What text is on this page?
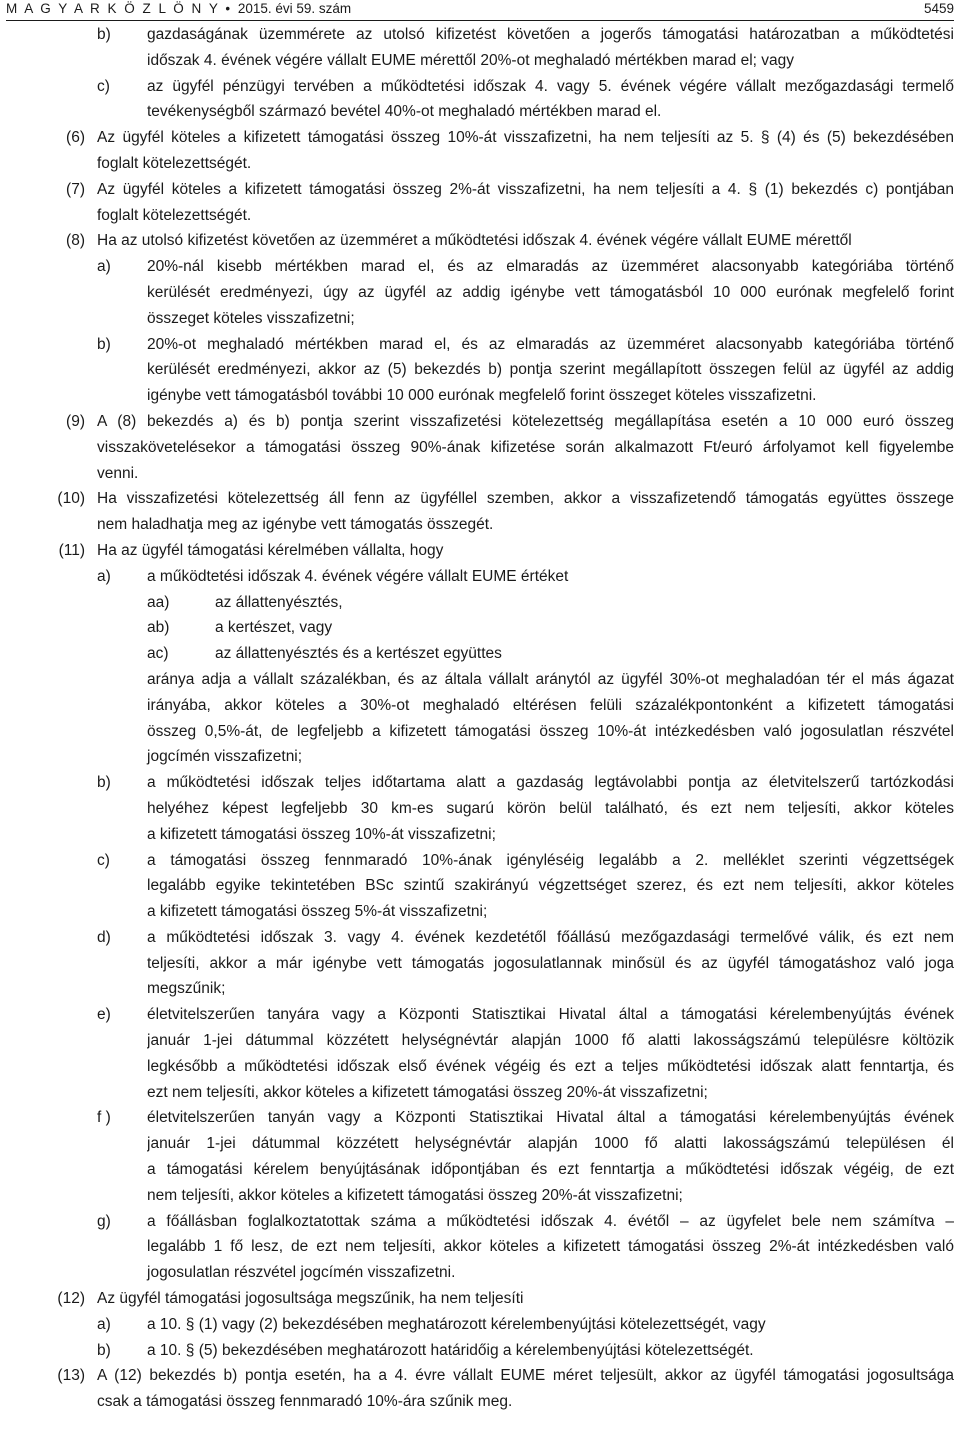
M A G Y A R K Ö Z L Ö N Y • 2015. évi 59. szám	5459
b) gazdaságának üzemmérete az utolsó kifizetést követően a jogerős támogatási határozatban a működtetési
időszak 4. évének végére vállalt EUME mérettől 20%-ot meghaladó mértékben marad el; vagy
c) az ügyfél pénzügyi tervében a működtetési időszak 4. vagy 5. évének végére vállalt mezőgazdasági termelő
tevékenységből származó bevétel 40%-ot meghaladó mértékben marad el.
(6) Az ügyfél köteles a kifizetett támogatási összeg 10%-át visszafizetni, ha nem teljesíti az 5. § (4) és (5) bekezdésében
foglalt kötelezettségét.
(7) Az ügyfél köteles a kifizetett támogatási összeg 2%-át visszafizetni, ha nem teljesíti a 4. § (1) bekezdés c) pontjában
foglalt kötelezettségét.
(8) Ha az utolsó kifizetést követően az üzemméret a működtetési időszak 4. évének végére vállalt EUME mérettől
a) 20%-nál kisebb mértékben marad el, és az elmaradás az üzemméret alacsonyabb kategóriába történő
kerülését eredményezi, úgy az ügyfél az addig igénybe vett támogatásból 10 000 eurónak megfelelő forint
összeget köteles visszafizetni;
b) 20%-ot meghaladó mértékben marad el, és az elmaradás az üzemméret alacsonyabb kategóriába történő
kerülését eredményezi, akkor az (5) bekezdés b) pontja szerint megállapított összegen felül az ügyfél az addig
igénybe vett támogatásból további 10 000 eurónak megfelelő forint összeget köteles visszafizetni.
(9) A (8) bekezdés a) és b) pontja szerint visszafizetési kötelezettség megállapítása esetén a 10 000 euró összeg
visszakövetelésekor a támogatási összeg 90%-ának kifizetése során alkalmazott Ft/euró árfolyamot kell figyelembe
venni.
(10) Ha visszafizetési kötelezettség áll fenn az ügyféllel szemben, akkor a visszafizetendő támogatás együttes összege
nem haladhatja meg az igénybe vett támogatás összegét.
(11) Ha az ügyfél támogatási kérelmében vállalta, hogy
a) a működtetési időszak 4. évének végére vállalt EUME értéket
aa)	az állattenyésztés,
ab)	a kertészet, vagy
ac)	az állattenyésztés és a kertészet együttes
aránya adja a vállalt százalékban, és az általa vállalt aránytól az ügyfél 30%-ot meghaladóan tér el más ágazat
irányába, akkor köteles a 30%-ot meghaladó eltérésen felüli százalékpontonként a kifizetett támogatási
összeg 0,5%-át, de legfeljebb a kifizetett támogatási összeg 10%-át intézkedésben való jogosulatlan részvétel
jogcímén visszafizetni;
b) a működtetési időszak teljes időtartama alatt a gazdaság legtávolabbi pontja az életvitelszerű tartózkodási
helyéhez képest legfeljebb 30 km-es sugarú körön belül található, és ezt nem teljesíti, akkor köteles
a kifizetett támogatási összeg 10%-át visszafizetni;
c) a támogatási összeg fennmaradó 10%-ának igényléséig legalább a 2. melléklet szerinti végzettségek
legalább egyike tekintetében BSc szintű szakirányú végzettséget szerez, és ezt nem teljesíti, akkor köteles
a kifizetett támogatási összeg 5%-át visszafizetni;
d) a működtetési időszak 3. vagy 4. évének kezdetétől főállású mezőgazdasági termelővé válik, és ezt nem
teljesíti, akkor a már igénybe vett támogatás jogosulatlannak minősül és az ügyfél támogatáshoz való joga
megszűnik;
e) életvitelszerűen tanyára vagy a Központi Statisztikai Hivatal által a támogatási kérelembenyújtás évének
január 1-jei dátummal közzétett helységnévtár alapján 1000 fő alatti lakosságszámú településre költözik
legkésőbb a működtetési időszak első évének végéig és ezt a teljes működtetési időszak alatt fenntartja, és
ezt nem teljesíti, akkor köteles a kifizetett támogatási összeg 20%-át visszafizetni;
f ) életvitelszerűen tanyán vagy a Központi Statisztikai Hivatal által a támogatási kérelembenyújtás évének
január 1-jei dátummal közzétett helységnévtár alapján 1000 fő alatti lakosságszámú településen él
a támogatási kérelem benyújtásának időpontjában és ezt fenntartja a működtetési időszak végéig, de ezt
nem teljesíti, akkor köteles a kifizetett támogatási összeg 20%-át visszafizetni;
g) a főállásban foglalkoztatottak száma a működtetési időszak 4. évétől – az ügyfelet bele nem számítva –
legalább 1 fő lesz, de ezt nem teljesíti, akkor köteles a kifizetett támogatási összeg 2%-át intézkedésben való
jogosulatlan részvétel jogcímén visszafizetni.
(12) Az ügyfél támogatási jogosultsága megszűnik, ha nem teljesíti
a) a 10. § (1) vagy (2) bekezdésében meghatározott kérelembenyújtási kötelezettségét, vagy
b) a 10. § (5) bekezdésében meghatározott határidőig a kérelembenyújtási kötelezettségét.
(13) A (12) bekezdés b) pontja esetén, ha a 4. évre vállalt EUME méret teljesült, akkor az ügyfél támogatási jogosultsága
csak a támogatási összeg fennmaradó 10%-ára szűnik meg.
